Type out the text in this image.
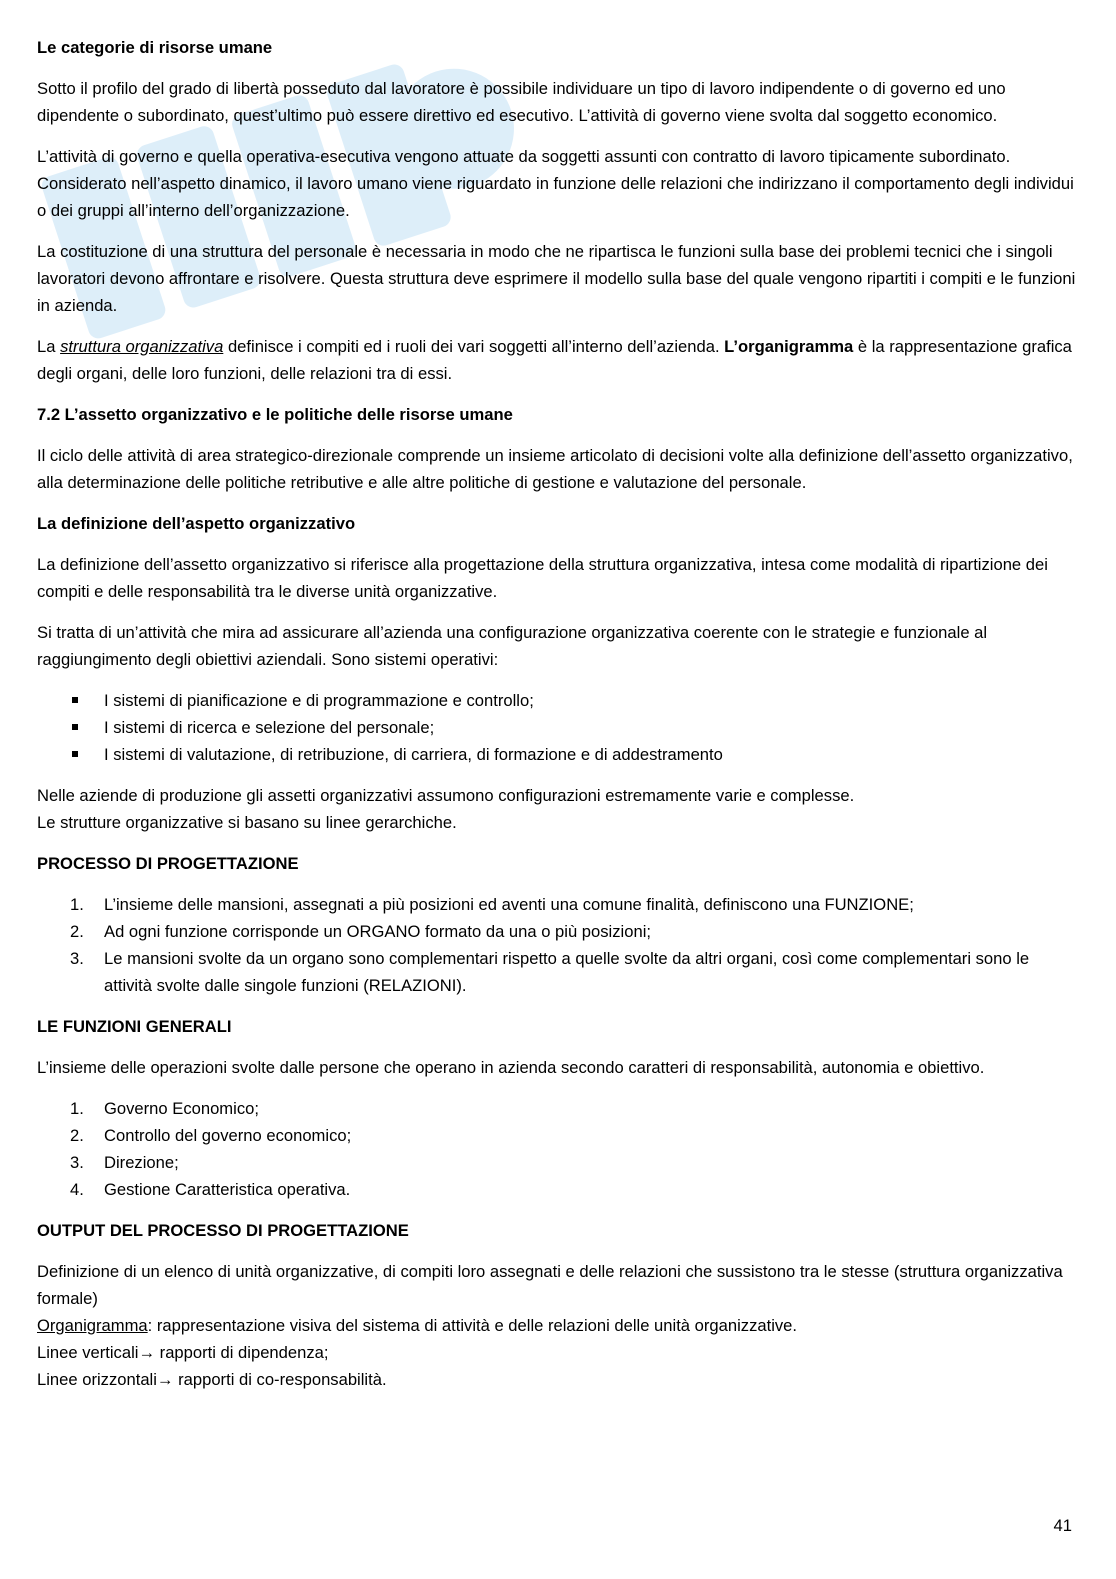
Le categorie di risorse umane

Sotto il profilo del grado di libertà posseduto dal lavoratore è possibile individuare un tipo di lavoro indipendente o di governo ed uno dipendente o subordinato, quest’ultimo può essere direttivo ed esecutivo. L’attività di governo viene svolta dal soggetto economico.

L’attività di governo e quella operativa-esecutiva vengono attuate da soggetti assunti con contratto di lavoro tipicamente subordinato. Considerato nell’aspetto dinamico, il lavoro umano viene riguardato in funzione delle relazioni che indirizzano il comportamento degli individui o dei gruppi all’interno dell’organizzazione.

La costituzione di una struttura del personale è necessaria in modo che ne ripartisca le funzioni sulla base dei problemi tecnici che i singoli lavoratori devono affrontare e risolvere. Questa struttura deve esprimere il modello sulla base del quale vengono ripartiti i compiti e le funzioni in azienda.

La struttura organizzativa definisce i compiti ed i ruoli dei vari soggetti all’interno dell’azienda. L’organigramma è la rappresentazione grafica degli organi, delle loro funzioni, delle relazioni tra di essi.

7.2 L’assetto organizzativo e le politiche delle risorse umane

Il ciclo delle attività di area strategico-direzionale comprende un insieme articolato di decisioni volte alla definizione dell’assetto organizzativo, alla determinazione delle politiche retributive e alle altre politiche di gestione e valutazione del personale.

La definizione dell’aspetto organizzativo

La definizione dell’assetto organizzativo si riferisce alla progettazione della struttura organizzativa, intesa come modalità di ripartizione dei compiti e delle responsabilità tra le diverse unità organizzative.

Si tratta di un’attività che mira ad assicurare all’azienda una configurazione organizzativa coerente con le strategie e funzionale al raggiungimento degli obiettivi aziendali. Sono sistemi operativi:

I sistemi di pianificazione e di programmazione e controllo;
I sistemi di ricerca e selezione del personale;
I sistemi di valutazione, di retribuzione, di carriera, di formazione e di addestramento

Nelle aziende di produzione gli assetti organizzativi assumono configurazioni estremamente varie e complesse.
Le strutture organizzative si basano su linee gerarchiche.

PROCESSO DI PROGETTAZIONE
L’insieme delle mansioni, assegnati a più posizioni ed aventi una comune finalità, definiscono una FUNZIONE;
Ad ogni funzione corrisponde un ORGANO formato da una o più posizioni;
Le mansioni svolte da un organo sono complementari rispetto a quelle svolte da altri organi, così come complementari sono le attività svolte dalle singole funzioni (RELAZIONI).
LE FUNZIONI GENERALI

L’insieme delle operazioni svolte dalle persone che operano in azienda secondo caratteri di responsabilità, autonomia e obiettivo.

Governo Economico;
Controllo del governo economico;
Direzione;
Gestione Caratteristica operativa.
OUTPUT DEL PROCESSO DI PROGETTAZIONE

Definizione di un elenco di unità organizzative, di compiti loro assegnati e delle relazioni che sussistono tra le stesse (struttura organizzativa formale)

Organigramma: rappresentazione visiva del sistema di attività e delle relazioni delle unità organizzative.

Linee verticali→ rapporti di dipendenza;

Linee orizzontali→ rapporti di co-responsabilità.

41
